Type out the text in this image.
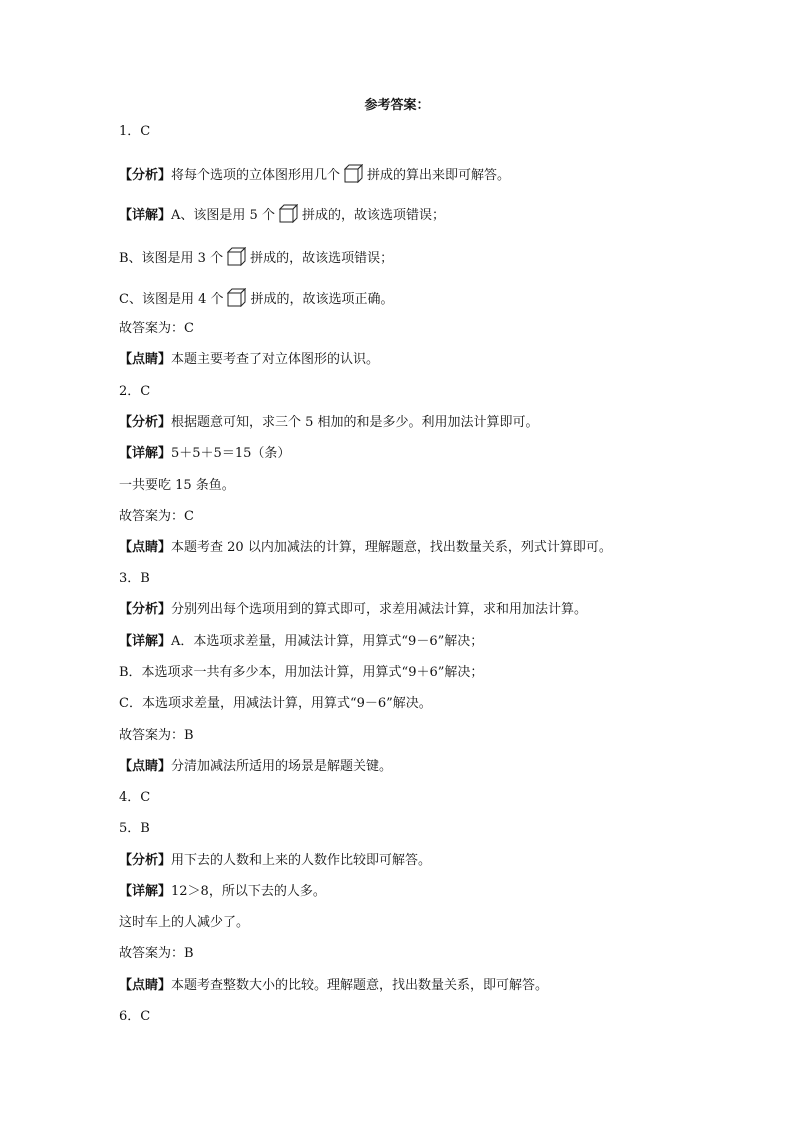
参考答案：
1．C
【分析】将每个选项的立体图形用几个 拼成的算出来即可解答。
【详解】A、该图是用 5 个 拼成的，故该选项错误；
B、该图是用 3 个 拼成的，故该选项错误；
C、该图是用 4 个 拼成的，故该选项正确。
故答案为：C
【点睛】本题主要考查了对立体图形的认识。
2．C
【分析】根据题意可知，求三个 5 相加的和是多少。利用加法计算即可。
【详解】5＋5＋5＝15（条）
一共要吃 15 条鱼。
故答案为：C
【点睛】本题考查 20 以内加减法的计算，理解题意，找出数量关系，列式计算即可。
3．B
【分析】分别列出每个选项用到的算式即可，求差用减法计算，求和用加法计算。
【详解】A．本选项求差量，用减法计算，用算式“9－6”解决；
B．本选项求一共有多少本，用加法计算，用算式“9＋6”解决；
C．本选项求差量，用减法计算，用算式“9－6”解决。
故答案为：B
【点睛】分清加减法所适用的场景是解题关键。
4．C
5．B
【分析】用下去的人数和上来的人数作比较即可解答。
【详解】12＞8，所以下去的人多。
这时车上的人减少了。
故答案为：B
【点睛】本题考查整数大小的比较。理解题意，找出数量关系，即可解答。
6．C
